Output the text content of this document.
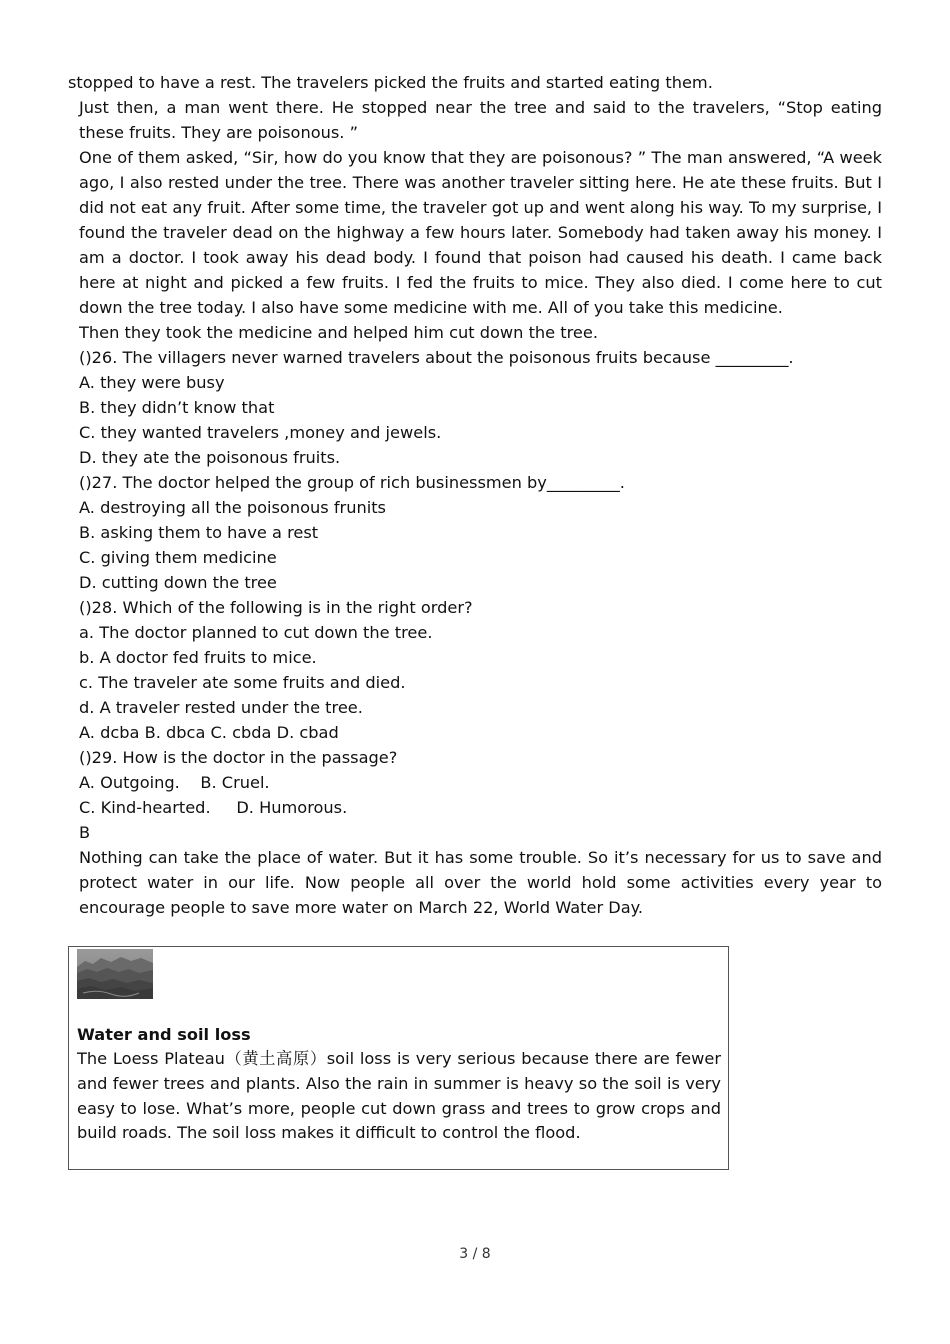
stopped to have a rest. The travelers picked the fruits and started eating them.
Just then, a man went there. He stopped near the tree and said to the travelers, “Stop eating these fruits. They are poisonous. ”
One of them asked, “Sir, how do you know that they are poisonous? ” The man answered, “A week ago, I also rested under the tree. There was another traveler sitting here. He ate these fruits. But I did not eat any fruit. After some time, the traveler got up and went along his way. To my surprise, I found the traveler dead on the highway a few hours later. Somebody had taken away his money. I am a doctor. I took away his dead body. I found that poison had caused his death. I came back here at night and picked a few fruits. I fed the fruits to mice. They also died. I come here to cut down the tree today. I also have some medicine with me. All of you take this medicine.
Then they took the medicine and helped him cut down the tree.
()26. The villagers never warned travelers about the poisonous fruits because _________.
A. they were busy
B. they didn’t know that
C. they wanted travelers ,money and jewels.
D. they ate the poisonous fruits.
()27. The doctor helped the group of rich businessmen by_________.
A. destroying all the poisonous frunits
B. asking them to have a rest
C. giving them medicine
D. cutting down the tree
()28. Which of the following is in the right order?
a. The doctor planned to cut down the tree.
b. A doctor fed fruits to mice.
c. The traveler ate some fruits and died.
d. A traveler rested under the tree.
A. dcba B. dbca C. cbda D. cbad
()29. How is the doctor in the passage?
A. Outgoing.    B. Cruel.
C. Kind-hearted.     D. Humorous.
B
Nothing can take the place of water. But it has some trouble. So it’s necessary for us to save and protect water in our life. Now people all over the world hold some activities every year to encourage people to save more water on March 22, World Water Day.
Water and soil loss
The Loess Plateau（黄土高原）soil loss is very serious because there are fewer and fewer trees and plants. Also the rain in summer is heavy so the soil is very easy to lose. What’s more, people cut down grass and trees to grow crops and build roads. The soil loss makes it difficult to control the flood.
3 / 8
